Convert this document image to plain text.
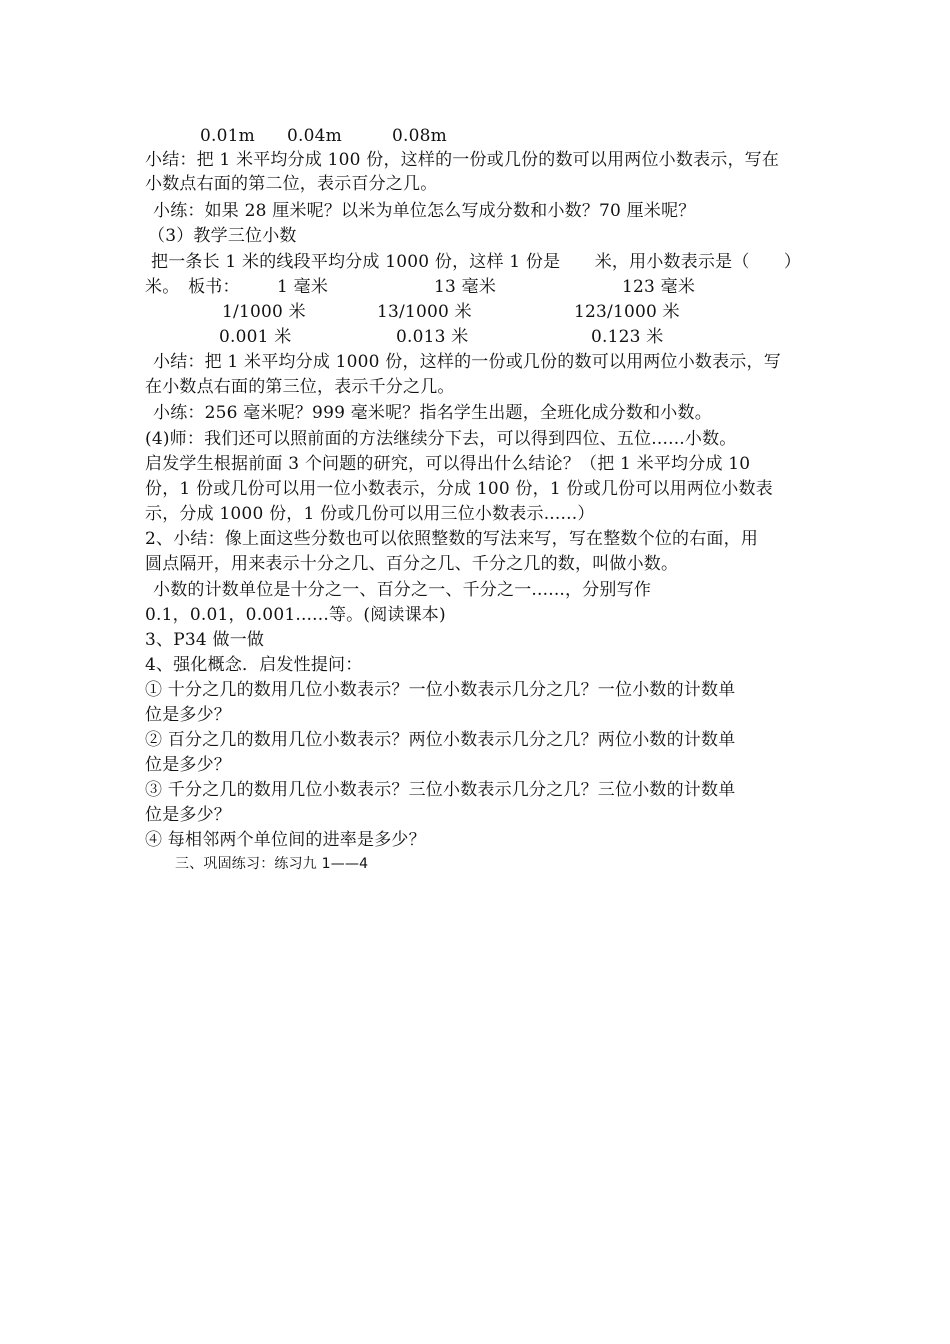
0.01m 0.04m	0.08m
小结：把 1 米平均分成 100 份，这样的一份或几份的数可以用两位小数表示，写在
小数点右面的第二位，表示百分之几。
小练：如果 28 厘米呢？以米为单位怎么写成分数和小数？70 厘米呢？
（3）教学三位小数
把一条长 1 米的线段平均分成 1000 份，这样 1 份是　　米，用小数表示是（　　）
米。　板书： 1 毫米	13 毫米	123 毫米
1/1000 米	13/1000 米	123/1000 米
0.001 米	0.013 米	0.123 米
小结：把 1 米平均分成 1000 份，这样的一份或几份的数可以用两位小数表示，写
在小数点右面的第三位，表示千分之几。
小练：256 毫米呢？999 毫米呢？指名学生出题，全班化成分数和小数。
(4)师：我们还可以照前面的方法继续分下去，可以得到四位、五位......小数。
启发学生根据前面 3 个问题的研究，可以得出什么结论？（把 1 米平均分成 10
份，1 份或几份可以用一位小数表示，分成 100 份，1 份或几份可以用两位小数表
示，分成 1000 份，1 份或几份可以用三位小数表示......）
2、小结：像上面这些分数也可以依照整数的写法来写，写在整数个位的右面，用
圆点隔开，用来表示十分之几、百分之几、千分之几的数，叫做小数。
小数的计数单位是十分之一、百分之一、千分之一......，分别写作
0.1，0.01，0.001......等。(阅读课本)
3、P34 做一做
4、强化概念．启发性提问：
① 十分之几的数用几位小数表示？一位小数表示几分之几？一位小数的计数单
位是多少？
② 百分之几的数用几位小数表示？两位小数表示几分之几？两位小数的计数单
位是多少？
③ 千分之几的数用几位小数表示？三位小数表示几分之几？三位小数的计数单
位是多少？
④ 每相邻两个单位间的进率是多少？
三、巩固练习：练习九 1——4
